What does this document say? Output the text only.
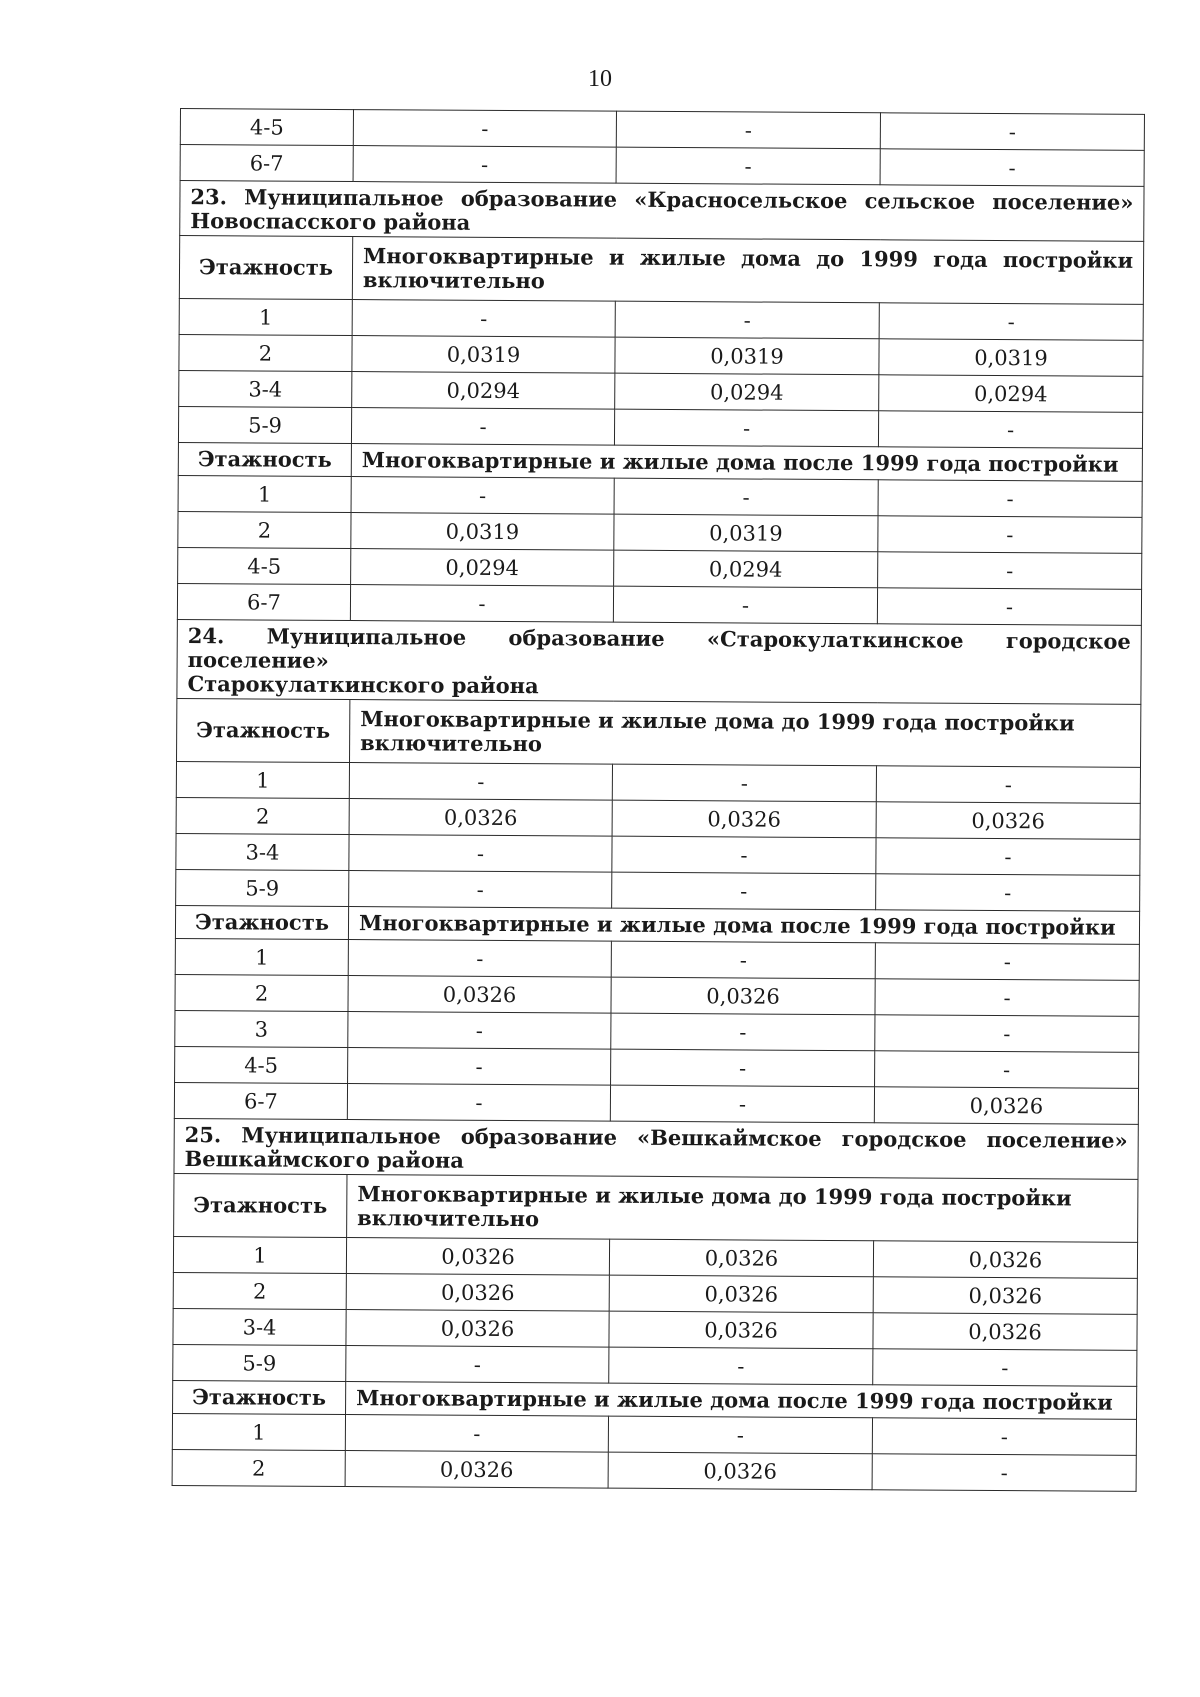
10
4-5	-	-	-
6-7	-	-	-

23. Муниципальное образование «Красносельское сельское поселение»
Новоспасского района			

Этажность	Многоквартирные и жилые дома до 1999 года постройки включительно		
1	-	-	-
2	0,0319	0,0319	0,0319
3-4	0,0294	0,0294	0,0294
5-9	-	-	-
Этажность	Многоквартирные и жилые дома после 1999 года постройки		
1	-	-	-
2	0,0319	0,0319	-
4-5	0,0294	0,0294	-
6-7	-	-	-

24. Муниципальное образование «Старокулаткинское городское поселение»
Старокулаткинского района			

Этажность	Многоквартирные и жилые дома до 1999 года постройки включительно		
1	-	-	-
2	0,0326	0,0326	0,0326
3-4	-	-	-
5-9	-	-	-
Этажность	Многоквартирные и жилые дома после 1999 года постройки		
1	-	-	-
2	0,0326	0,0326	-
3	-	-	-
4-5	-	-	-
6-7	-	-	0,0326

25. Муниципальное образование «Вешкаймское городское поселение»
Вешкаймского района			

Этажность	Многоквартирные и жилые дома до 1999 года постройки включительно		
1	0,0326	0,0326	0,0326
2	0,0326	0,0326	0,0326
3-4	0,0326	0,0326	0,0326
5-9	-	-	-
Этажность	Многоквартирные и жилые дома после 1999 года постройки		
1	-	-	-
2	0,0326	0,0326	-
